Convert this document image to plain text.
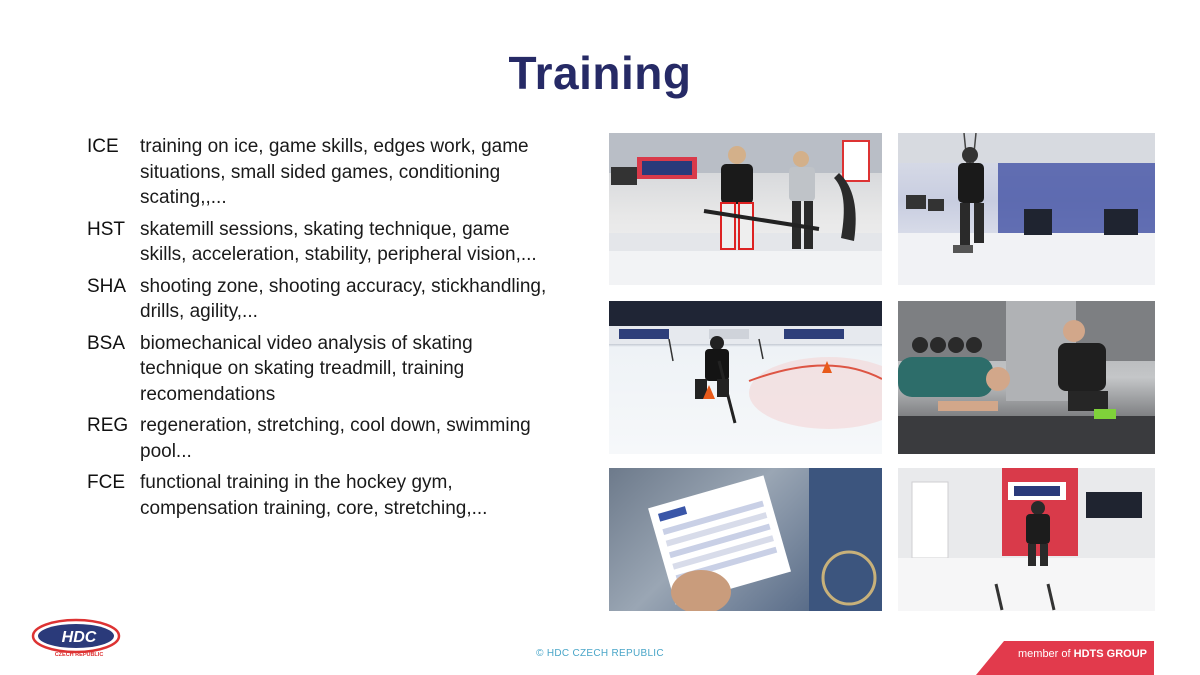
Training
ICE	training on ice, game skills, edges work, game situations, small sided games, conditioning scating,,...
HST skatemill sessions, skating technique, game skills, acceleration, stability, peripheral vision,...
SHA shooting zone, shooting accuracy, stickhandling, drills, agility,...
BSA biomechanical video analysis of skating technique on skating treadmill, training recomendations
REG regeneration, stretching, cool down, swimming pool...
FCE functional training in the hockey gym, compensation training, core, stretching,...
© HDC CZECH REPUBLIC	member of HDTS GROUP
HDC
CZECH REPUBLIC
